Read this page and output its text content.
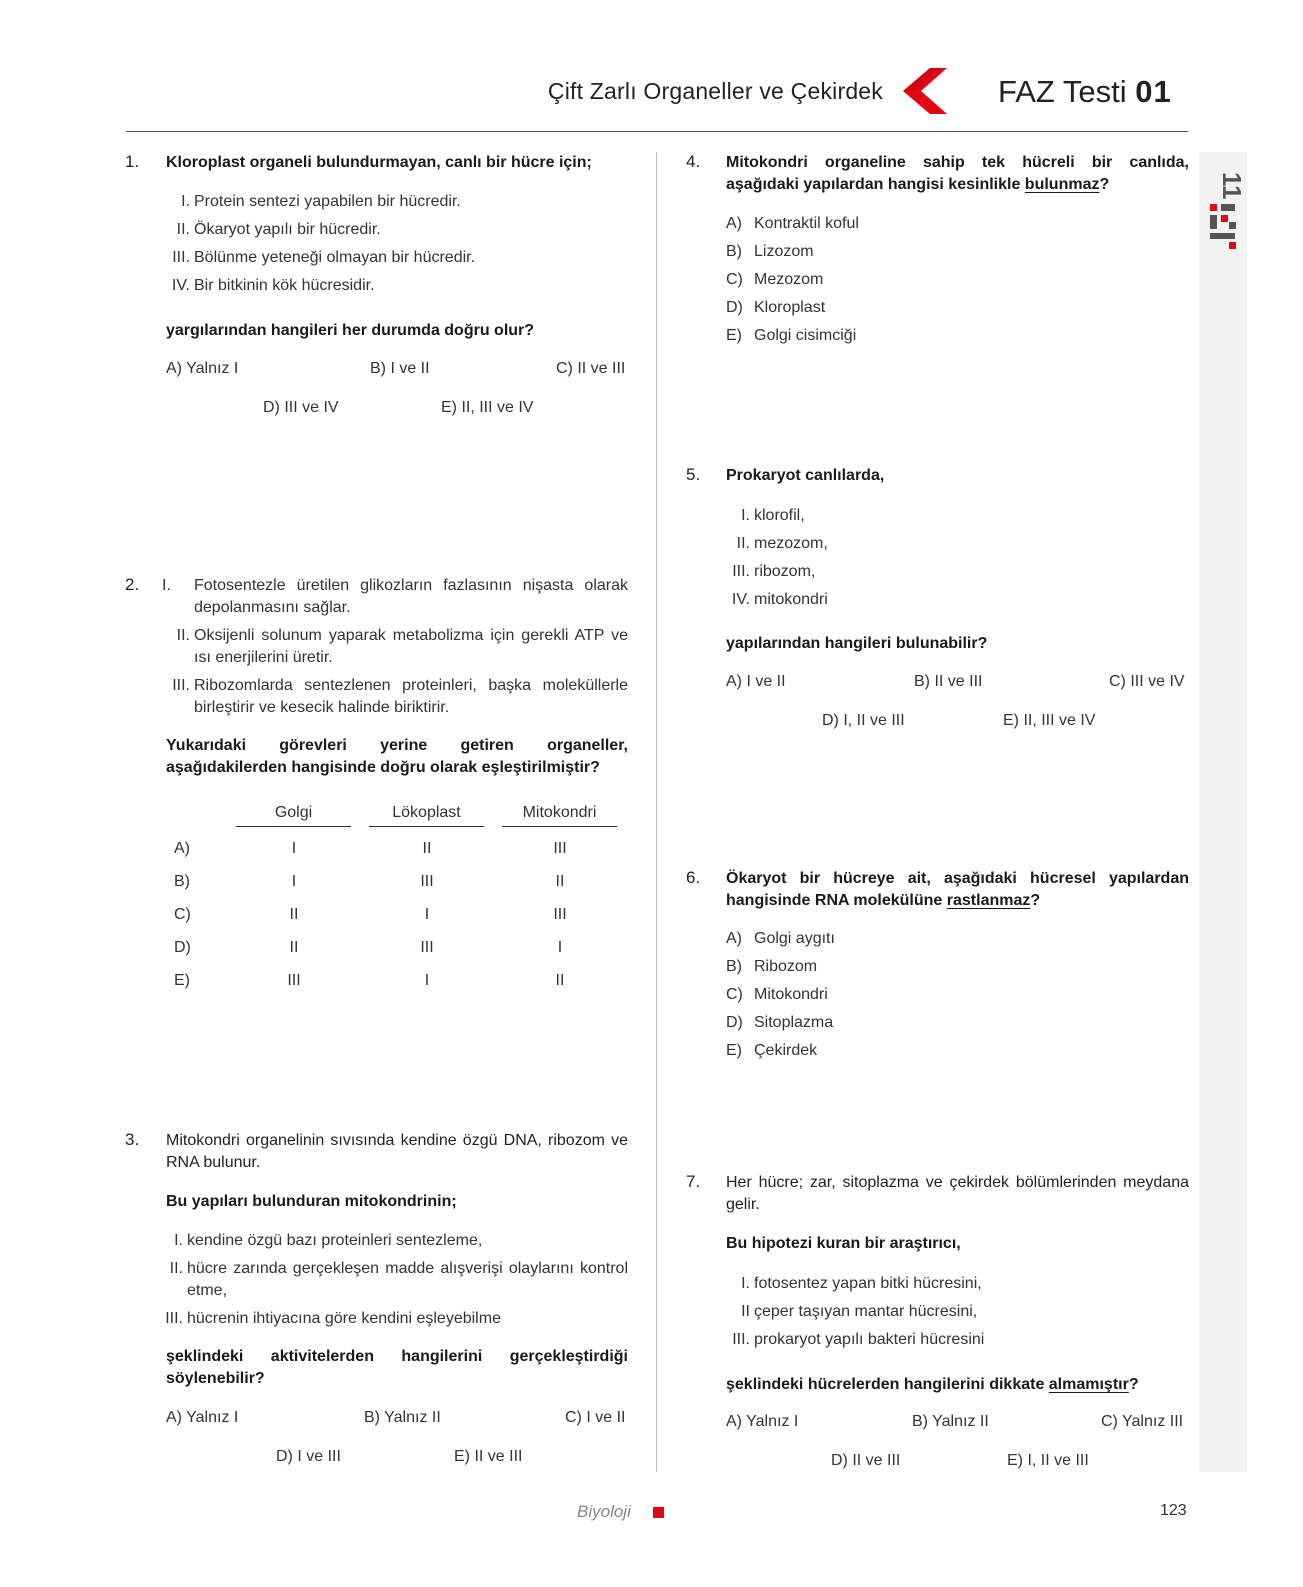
Çift Zarlı Organeller ve Çekirdek	FAZ Testi 01
11
1. Kloroplast organeli bulundurmayan, canlı bir hücre için;
I. Protein sentezi yapabilen bir hücredir.
II. Ökaryot yapılı bir hücredir.
III. Bölünme yeteneği olmayan bir hücredir.
IV. Bir bitkinin kök hücresidir.
yargılarından hangileri her durumda doğru olur?
A) Yalnız I	B) I ve II	C) II ve III
D) III ve IV	E) II, III ve IV
2. I.	Fotosentezle üretilen glikozların fazlasının nişasta olarak depolanmasını sağlar.
II. Oksijenli solunum yaparak metabolizma için gerekli ATP ve ısı enerjilerini üretir.
III. Ribozomlarda sentezlenen proteinleri, başka moleküllerle birleştirir ve kesecik halinde biriktirir.
Yukarıdaki görevleri yerine getiren organeller, aşağıdakilerden hangisinde doğru olarak eşleştirilmiştir?
Golgi	Lökoplast	Mitokondri
A)	I	II	III
B)	I	III	II
C)	II	I	III
D)	II	III	I
E)	III	I	II
3. Mitokondri organelinin sıvısında kendine özgü DNA, ribozom ve RNA bulunur.
Bu yapıları bulunduran mitokondrinin;
I. kendine özgü bazı proteinleri sentezleme,
II. hücre zarında gerçekleşen madde alışverişi olaylarını kontrol etme,
III. hücrenin ihtiyacına göre kendini eşleyebilme
şeklindeki aktivitelerden hangilerini gerçekleştirdiği söylenebilir?
A) Yalnız I	B) Yalnız II	C) I ve II
D) I ve III	E) II ve III
4. Mitokondri organeline sahip tek hücreli bir canlıda, aşağıdaki yapılardan hangisi kesinlikle bulunmaz?
A) Kontraktil koful
B) Lizozom
C) Mezozom
D) Kloroplast
E) Golgi cisimciği
5. Prokaryot canlılarda,
I. klorofil,
II. mezozom,
III. ribozom,
IV. mitokondri
yapılarından hangileri bulunabilir?
A) I ve II	B) II ve III	C) III ve IV
D) I, II ve III	E) II, III ve IV
6. Ökaryot bir hücreye ait, aşağıdaki hücresel yapılardan hangisinde RNA molekülüne rastlanmaz?
A) Golgi aygıtı
B) Ribozom
C) Mitokondri
D) Sitoplazma
E) Çekirdek
7. Her hücre; zar, sitoplazma ve çekirdek bölümlerinden meydana gelir.
Bu hipotezi kuran bir araştırıcı,
I. fotosentez yapan bitki hücresini,
II çeper taşıyan mantar hücresini,
III. prokaryot yapılı bakteri hücresini
şeklindeki hücrelerden hangilerini dikkate almamıştır?
A) Yalnız I	B) Yalnız II	C) Yalnız III
D) II ve III	E) I, II ve III
Biyoloji	123
